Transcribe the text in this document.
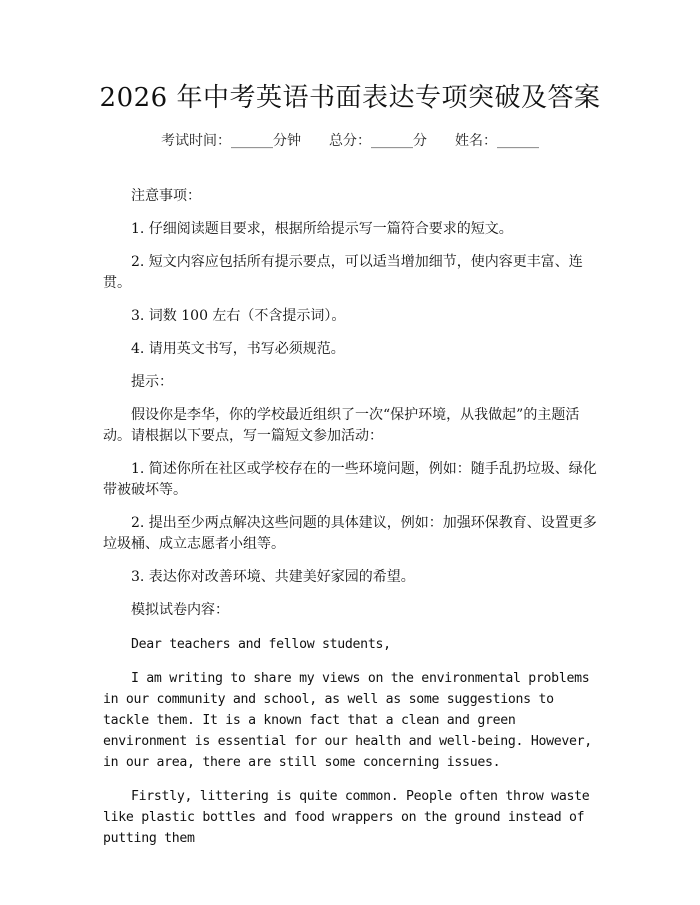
2026 年中考英语书面表达专项突破及答案
考试时间：______分钟 总分：______分 姓名：______

注意事项：

1. 仔细阅读题目要求，根据所给提示写一篇符合要求的短文。

2. 短文内容应包括所有提示要点，可以适当增加细节，使内容更丰富、连贯。

3. 词数 100 左右（不含提示词）。

4. 请用英文书写，书写必须规范。

提示：

假设你是李华，你的学校最近组织了一次“保护环境，从我做起”的主题活动。请根据以下要点，写一篇短文参加活动：

1. 简述你所在社区或学校存在的一些环境问题，例如：随手乱扔垃圾、绿化带被破坏等。

2. 提出至少两点解决这些问题的具体建议，例如：加强环保教育、设置更多垃圾桶、成立志愿者小组等。

3. 表达你对改善环境、共建美好家园的希望。

模拟试卷内容：

Dear teachers and fellow students,

I am writing to share my views on the environmental problems in our community and school, as well as some suggestions to tackle them. It is a known fact that a clean and green environment is essential for our health and well-being. However, in our area, there are still some concerning issues.

Firstly, littering is quite common. People often throw waste like plastic bottles and food wrappers on the ground instead of putting them
